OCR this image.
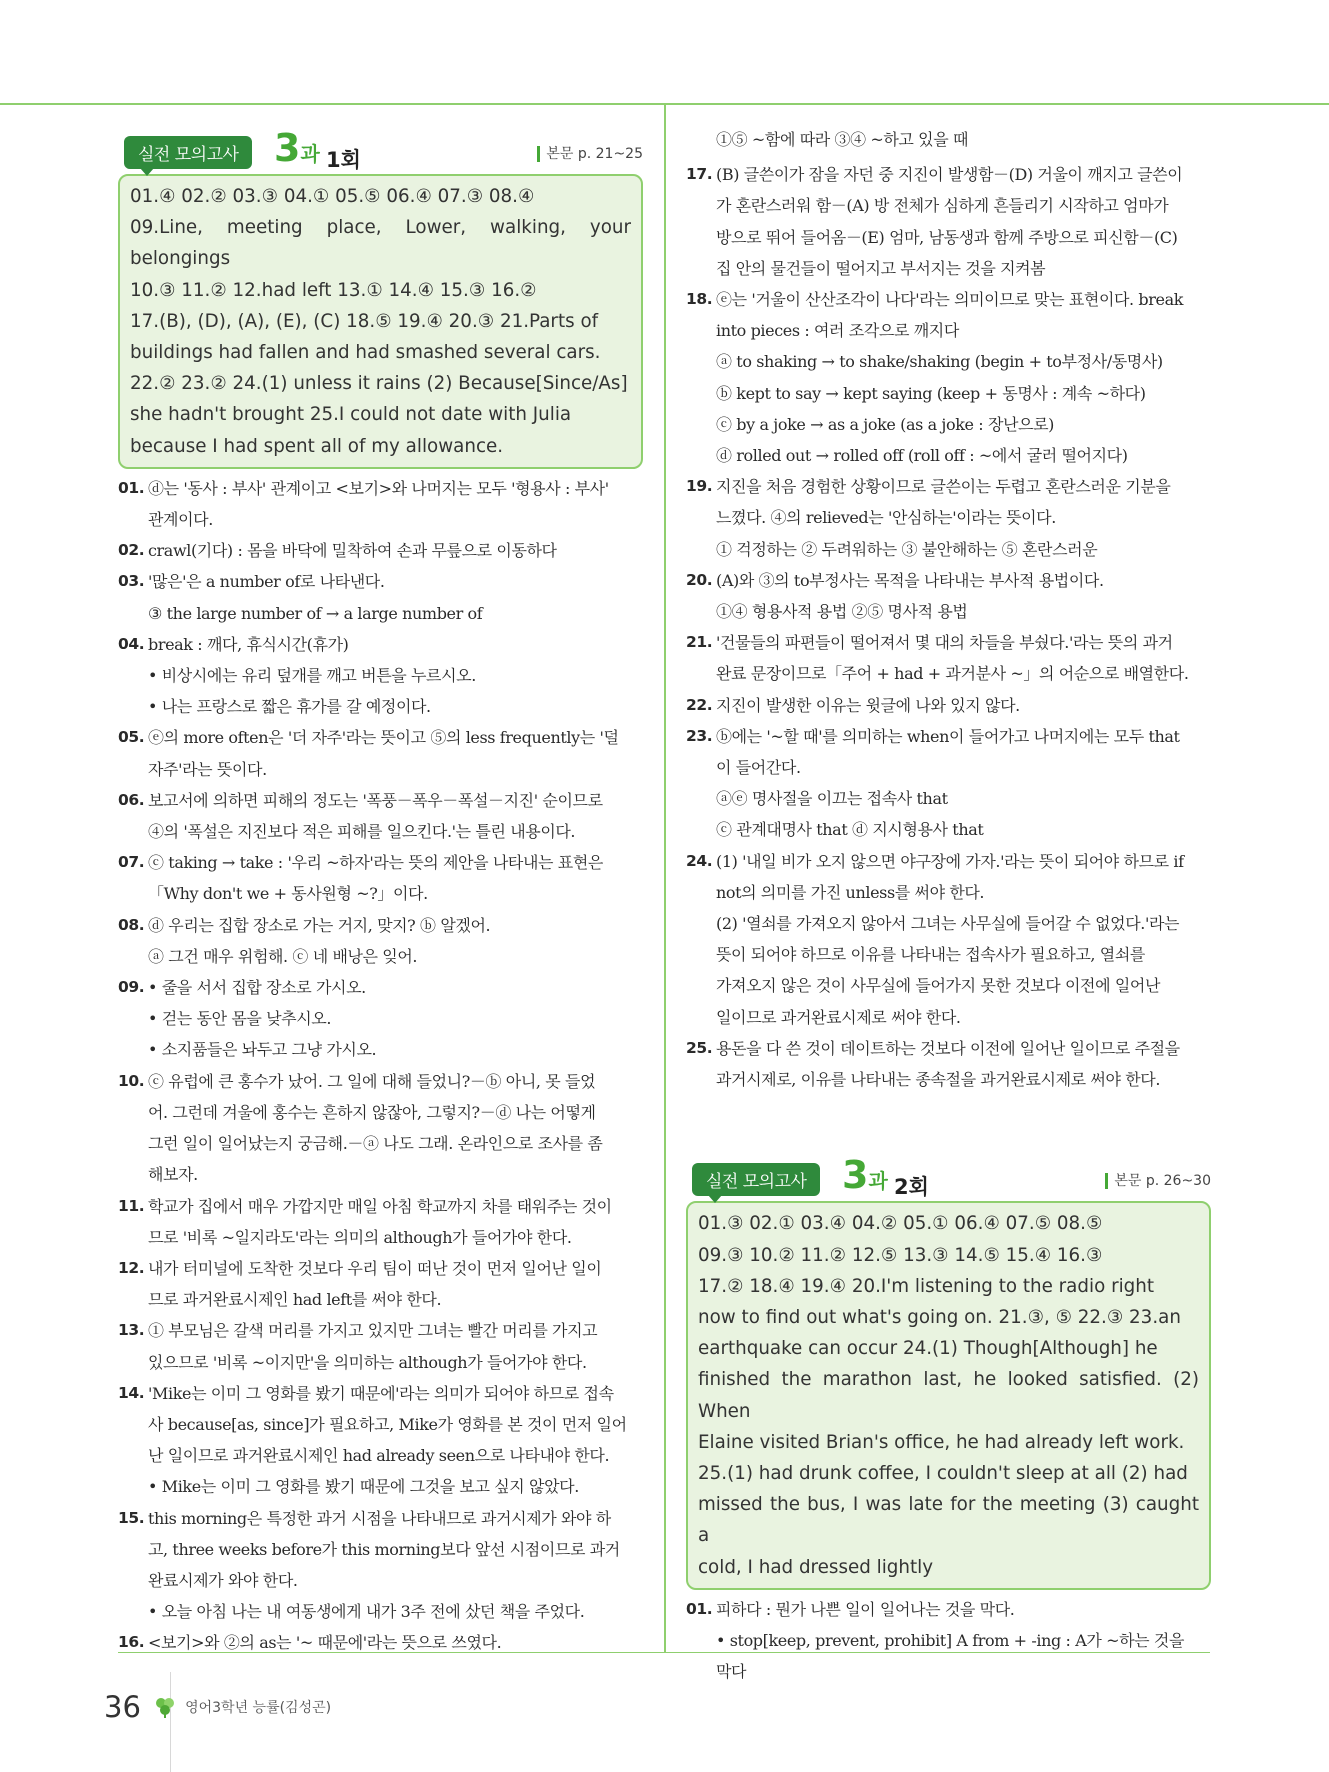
실전 모의고사 3과 1회	본문 p. 21~25

01.④ 02.② 03.③ 04.① 05.⑤ 06.④ 07.③ 08.④

09.Line, meeting place, Lower, walking, your belongings

10.③ 11.② 12.had left 13.① 14.④ 15.③ 16.②

17.(B), (D), (A), (E), (C) 18.⑤ 19.④ 20.③ 21.Parts of

buildings had fallen and had smashed several cars.

22.② 23.② 24.(1) unless it rains (2) Because[Since/As]

she hadn't brought 25.I could not date with Julia

because I had spent all of my allowance.

01. ⓓ는 '동사 : 부사' 관계이고 <보기>와 나머지는 모두 '형용사 : 부사'
관계이다.
02. crawl(기다) : 몸을 바닥에 밀착하여 손과 무릎으로 이동하다
03. '많은'은 a number of로 나타낸다.
③ the large number of → a large number of
04. break : 깨다, 휴식시간(휴가)
• 비상시에는 유리 덮개를 깨고 버튼을 누르시오.
• 나는 프랑스로 짧은 휴가를 갈 예정이다.
05. ⓔ의 more often은 '더 자주'라는 뜻이고 ⑤의 less frequently는 '덜
자주'라는 뜻이다.
06. 보고서에 의하면 피해의 정도는 '폭풍－폭우－폭설－지진' 순이므로
④의 '폭설은 지진보다 적은 피해를 일으킨다.'는 틀린 내용이다.
07. ⓒ taking → take : '우리 ~하자'라는 뜻의 제안을 나타내는 표현은
「Why don't we + 동사원형 ~?」이다.
08. ⓓ 우리는 집합 장소로 가는 거지, 맞지? ⓑ 알겠어.
ⓐ 그건 매우 위험해. ⓒ 네 배낭은 잊어.
09. • 줄을 서서 집합 장소로 가시오.
• 걷는 동안 몸을 낮추시오.
• 소지품들은 놔두고 그냥 가시오.
10. ⓒ 유럽에 큰 홍수가 났어. 그 일에 대해 들었니?－ⓑ 아니, 못 들었
어. 그런데 겨울에 홍수는 흔하지 않잖아, 그렇지?－ⓓ 나는 어떻게
그런 일이 일어났는지 궁금해.－ⓐ 나도 그래. 온라인으로 조사를 좀
해보자.
11. 학교가 집에서 매우 가깝지만 매일 아침 학교까지 차를 태워주는 것이
므로 '비록 ~일지라도'라는 의미의 although가 들어가야 한다.
12. 내가 터미널에 도착한 것보다 우리 팀이 떠난 것이 먼저 일어난 일이
므로 과거완료시제인 had left를 써야 한다.
13. ① 부모님은 갈색 머리를 가지고 있지만 그녀는 빨간 머리를 가지고
있으므로 '비록 ~이지만'을 의미하는 although가 들어가야 한다.
14. 'Mike는 이미 그 영화를 봤기 때문에'라는 의미가 되어야 하므로 접속
사 because[as, since]가 필요하고, Mike가 영화를 본 것이 먼저 일어
난 일이므로 과거완료시제인 had already seen으로 나타내야 한다.
• Mike는 이미 그 영화를 봤기 때문에 그것을 보고 싶지 않았다.
15. this morning은 특정한 과거 시점을 나타내므로 과거시제가 와야 하
고, three weeks before가 this morning보다 앞선 시점이므로 과거
완료시제가 와야 한다.
• 오늘 아침 나는 내 여동생에게 내가 3주 전에 샀던 책을 주었다.
16. <보기>와 ②의 as는 '~ 때문에'라는 뜻으로 쓰였다.
①⑤ ~함에 따라 ③④ ~하고 있을 때
17. (B) 글쓴이가 잠을 자던 중 지진이 발생함－(D) 거울이 깨지고 글쓴이
가 혼란스러워 함－(A) 방 전체가 심하게 흔들리기 시작하고 엄마가
방으로 뛰어 들어옴－(E) 엄마, 남동생과 함께 주방으로 피신함－(C)
집 안의 물건들이 떨어지고 부서지는 것을 지켜봄
18. ⓔ는 '거울이 산산조각이 나다'라는 의미이므로 맞는 표현이다. break
into pieces : 여러 조각으로 깨지다
ⓐ to shaking → to shake/shaking (begin + to부정사/동명사)
ⓑ kept to say → kept saying (keep + 동명사 : 계속 ~하다)
ⓒ by a joke → as a joke (as a joke : 장난으로)
ⓓ rolled out → rolled off (roll off : ~에서 굴러 떨어지다)
19. 지진을 처음 경험한 상황이므로 글쓴이는 두렵고 혼란스러운 기분을
느꼈다. ④의 relieved는 '안심하는'이라는 뜻이다.
① 걱정하는 ② 두려워하는 ③ 불안해하는 ⑤ 혼란스러운
20. (A)와 ③의 to부정사는 목적을 나타내는 부사적 용법이다.
①④ 형용사적 용법 ②⑤ 명사적 용법
21. '건물들의 파편들이 떨어져서 몇 대의 차들을 부쉈다.'라는 뜻의 과거
완료 문장이므로「주어 + had + 과거분사 ~」의 어순으로 배열한다.
22. 지진이 발생한 이유는 윗글에 나와 있지 않다.
23. ⓑ에는 '~할 때'를 의미하는 when이 들어가고 나머지에는 모두 that
이 들어간다.
ⓐⓔ 명사절을 이끄는 접속사 that
ⓒ 관계대명사 that ⓓ 지시형용사 that
24. (1) '내일 비가 오지 않으면 야구장에 가자.'라는 뜻이 되어야 하므로 if
not의 의미를 가진 unless를 써야 한다.
(2) '열쇠를 가져오지 않아서 그녀는 사무실에 들어갈 수 없었다.'라는
뜻이 되어야 하므로 이유를 나타내는 접속사가 필요하고, 열쇠를
가져오지 않은 것이 사무실에 들어가지 못한 것보다 이전에 일어난
일이므로 과거완료시제로 써야 한다.
25. 용돈을 다 쓴 것이 데이트하는 것보다 이전에 일어난 일이므로 주절을
과거시제로, 이유를 나타내는 종속절을 과거완료시제로 써야 한다.
실전 모의고사 3과 2회	본문 p. 26~30

01.③ 02.① 03.④ 04.② 05.① 06.④ 07.⑤ 08.⑤

09.③ 10.② 11.② 12.⑤ 13.③ 14.⑤ 15.④ 16.③

17.② 18.④ 19.④ 20.I'm listening to the radio right

now to find out what's going on. 21.③, ⑤ 22.③ 23.an

earthquake can occur 24.(1) Though[Although] he

finished the marathon last, he looked satisfied. (2) When

Elaine visited Brian's office, he had already left work.

25.(1) had drunk coffee, I couldn't sleep at all (2) had

missed the bus, I was late for the meeting (3) caught a

cold, I had dressed lightly

01. 피하다 : 뭔가 나쁜 일이 일어나는 것을 막다.
• stop[keep, prevent, prohibit] A from + -ing : A가 ~하는 것을
막다
36	영어3학년 능률(김성곤)
